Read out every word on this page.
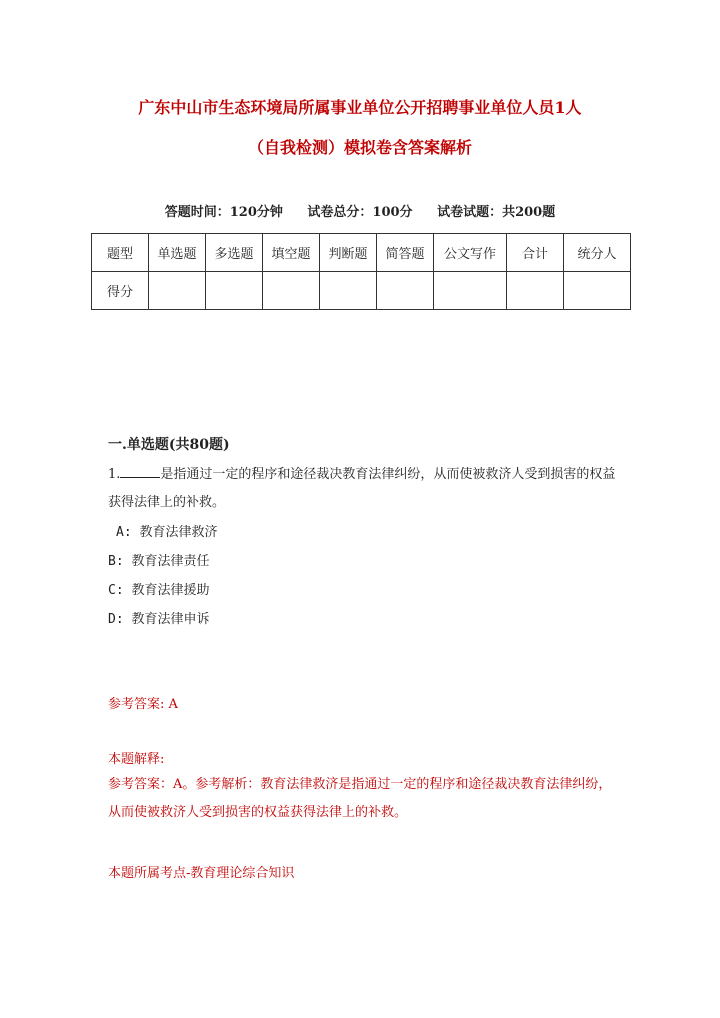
广东中山市生态环境局所属事业单位公开招聘事业单位人员1人
（自我检测）模拟卷含答案解析
答题时间：120分钟 试卷总分：100分 试卷试题：共200题
题型	单选题	多选题	填空题	判断题	简答题	公文写作	合计	统分人
得分								
一.单选题(共80题)
1.	是指通过一定的程序和途径裁决教育法律纠纷，从而使被救济人受到损害的权益获得法律上的补救。
A: 教育法律救济
B: 教育法律责任
C: 教育法律援助
D: 教育法律申诉
参考答案: A
本题解释:
参考答案：A。参考解析：教育法律救济是指通过一定的程序和途径裁决教育法律纠纷，从而使被救济人受到损害的权益获得法律上的补救。
本题所属考点-教育理论综合知识
